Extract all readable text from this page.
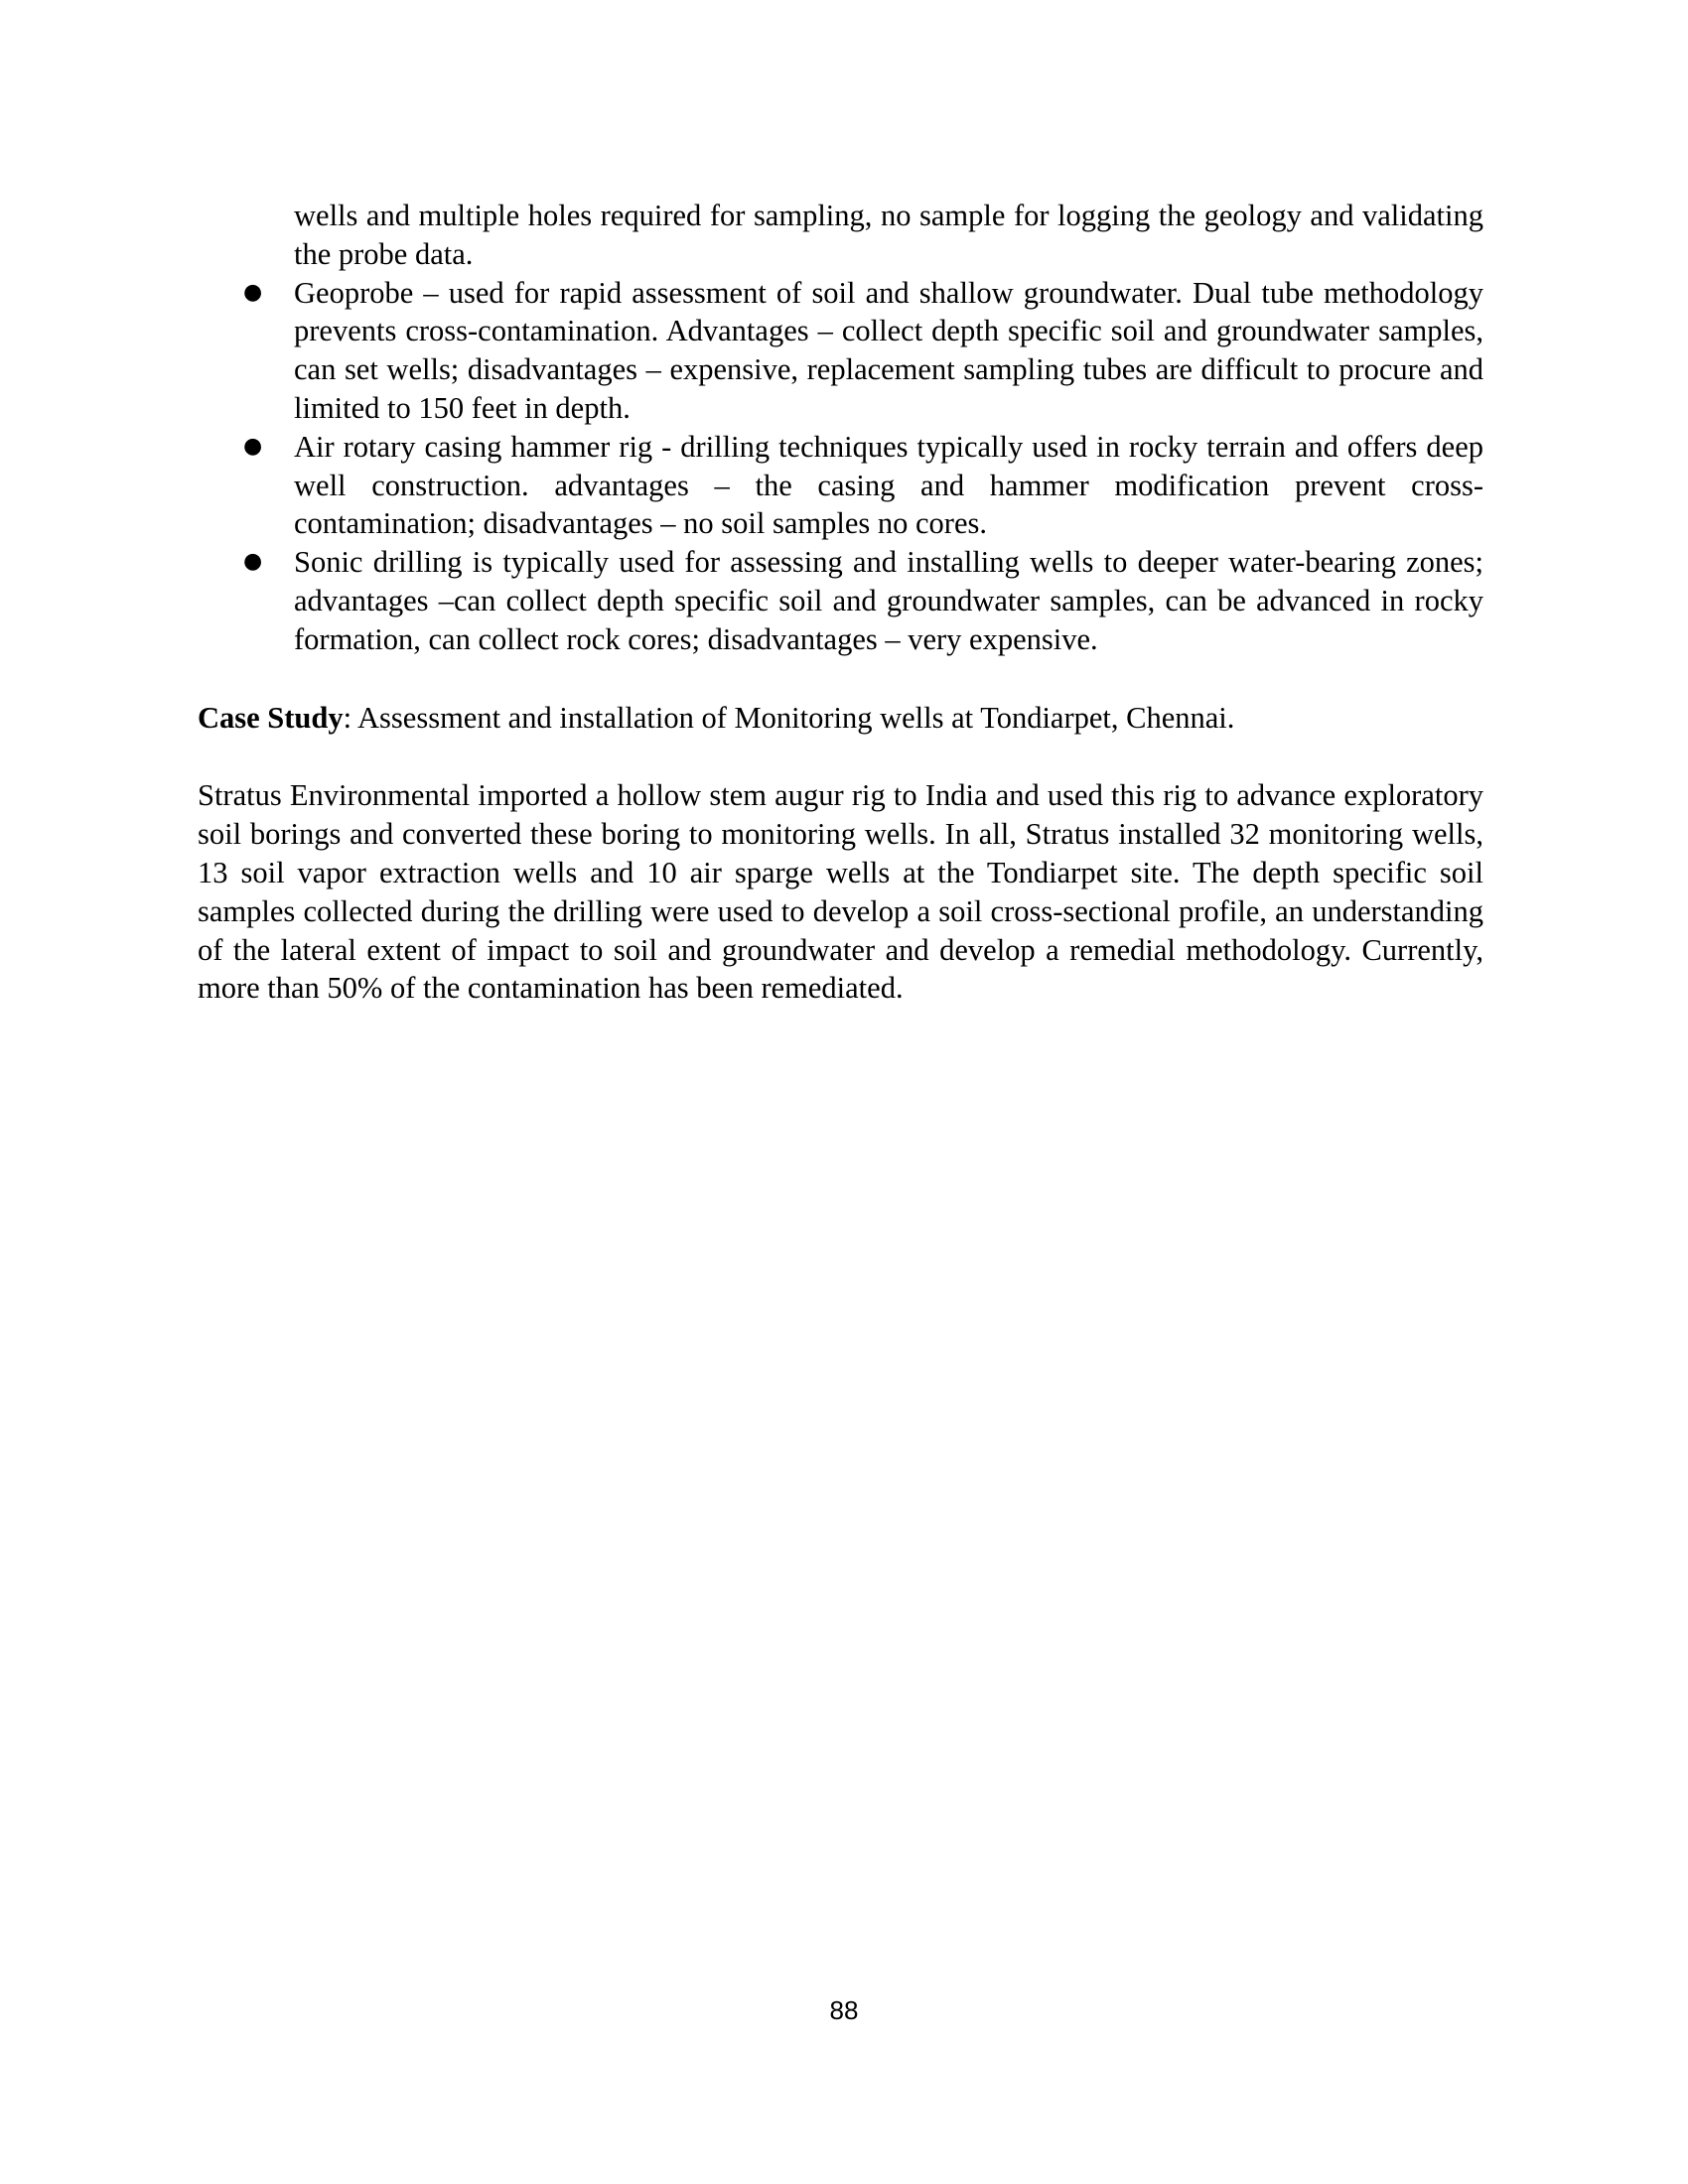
wells and multiple holes required for sampling, no sample for logging the geology and validating the probe data.
● Geoprobe – used for rapid assessment of soil and shallow groundwater. Dual tube methodology prevents cross-contamination. Advantages – collect depth specific soil and groundwater samples, can set wells; disadvantages – expensive, replacement sampling tubes are difficult to procure and limited to 150 feet in depth.
● Air rotary casing hammer rig - drilling techniques typically used in rocky terrain and offers deep well construction. advantages – the casing and hammer modification prevent cross-contamination; disadvantages – no soil samples no cores.
● Sonic drilling is typically used for assessing and installing wells to deeper water-bearing zones; advantages –can collect depth specific soil and groundwater samples, can be advanced in rocky formation, can collect rock cores; disadvantages – very expensive.
Case Study: Assessment and installation of Monitoring wells at Tondiarpet, Chennai.
Stratus Environmental imported a hollow stem augur rig to India and used this rig to advance exploratory soil borings and converted these boring to monitoring wells. In all, Stratus installed 32 monitoring wells, 13 soil vapor extraction wells and 10 air sparge wells at the Tondiarpet site. The depth specific soil samples collected during the drilling were used to develop a soil cross-sectional profile, an understanding of the lateral extent of impact to soil and groundwater and develop a remedial methodology. Currently, more than 50% of the contamination has been remediated.
88
